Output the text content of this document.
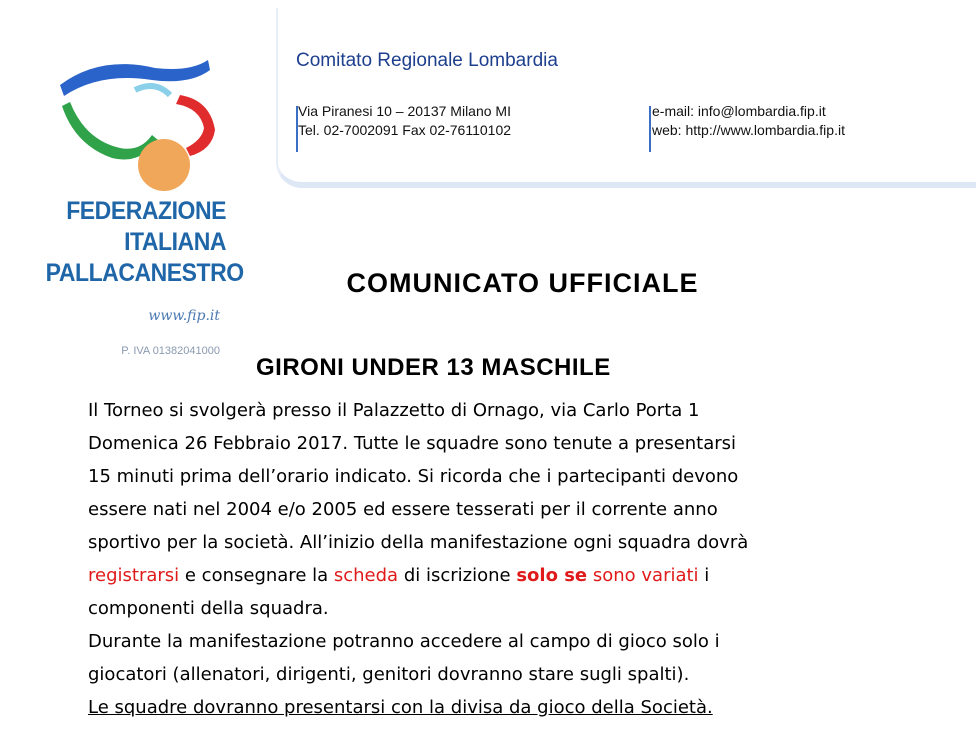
FEDERAZIONE
ITALIANA
PALLACANESTRO
www.fip.it
P. IVA 01382041000
Comitato Regionale Lombardia
Via Piranesi 10 – 20137 Milano MI
Tel. 02-7002091 Fax 02-76110102
e-mail: info@lombardia.fip.it
web: http://www.lombardia.fip.it
COMUNICATO UFFICIALE
GIRONI UNDER 13 MASCHILE

Il Torneo si svolgerà presso il Palazzetto di Ornago, via Carlo Porta 1

Domenica 26 Febbraio 2017. Tutte le squadre sono tenute a presentarsi

15 minuti prima dell’orario indicato. Si ricorda che i partecipanti devono

essere nati nel 2004 e/o 2005 ed essere tesserati per il corrente anno

sportivo per la società. All’inizio della manifestazione ogni squadra dovrà

registrarsi e consegnare la scheda di iscrizione solo se sono variati i

componenti della squadra.

Durante la manifestazione potranno accedere al campo di gioco solo i

giocatori (allenatori, dirigenti, genitori dovranno stare sugli spalti).

Le squadre dovranno presentarsi con la divisa da gioco della Società.
